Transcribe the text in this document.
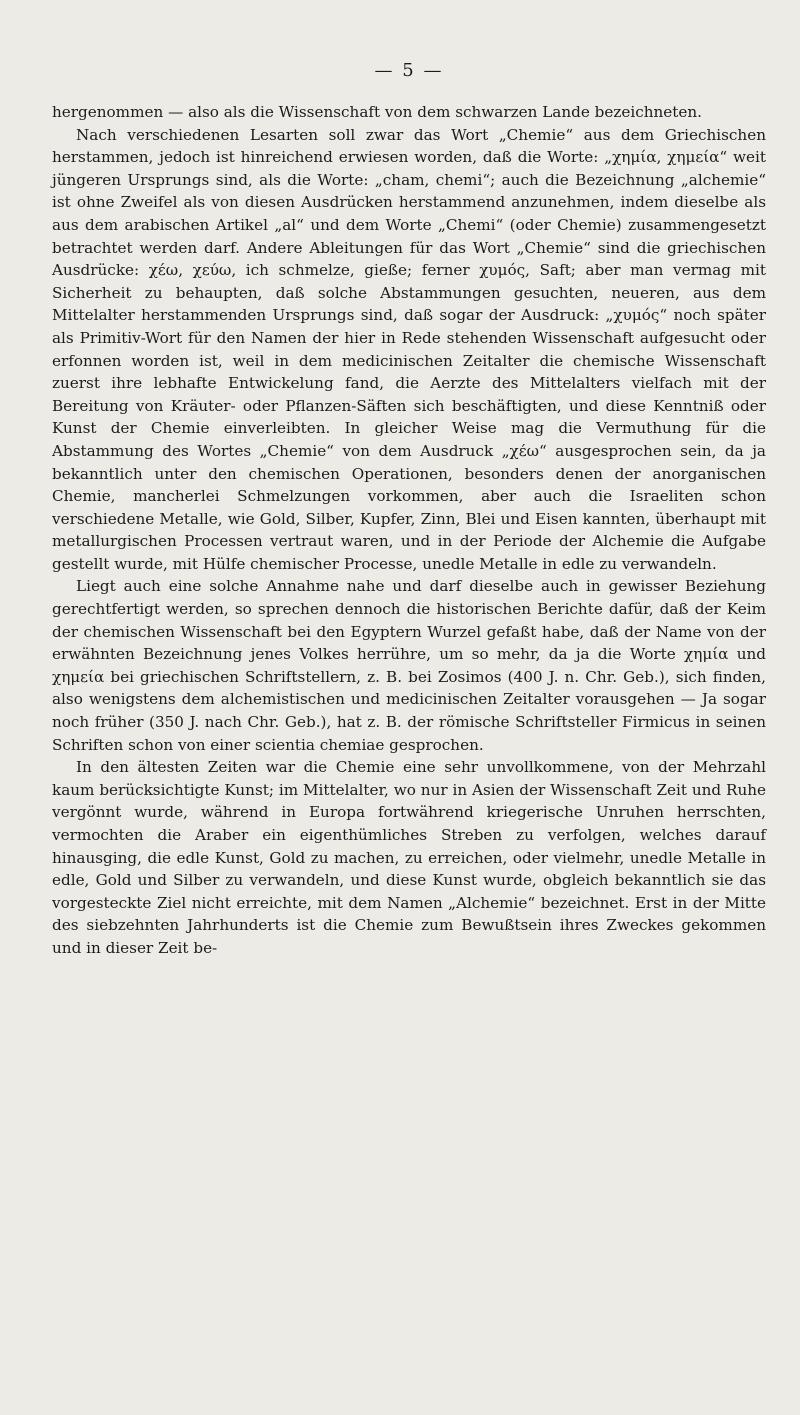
— 5 —

hergenommen — also als die Wissenschaft von dem schwarzen Lande bezeichneten.

Nach verschiedenen Lesarten soll zwar das Wort „Chemie“ aus dem Griechischen herstammen, jedoch ist hinreichend erwiesen worden, daß die Worte: „χημία, χημεία“ weit jüngeren Ursprungs sind, als die Worte: „cham, chemi“; auch die Bezeichnung „alchemie“ ist ohne Zweifel als von diesen Ausdrücken herstammend anzunehmen, indem dieselbe als aus dem arabischen Artikel „al“ und dem Worte „Chemi“ (oder Chemie) zusammengesetzt betrachtet werden darf. Andere Ableitungen für das Wort „Chemie“ sind die griechischen Ausdrücke: χέω, χεύω, ich schmelze, gieße; ferner χυμός, Saft; aber man vermag mit Sicherheit zu behaupten, daß solche Abstammungen gesuchten, neueren, aus dem Mittelalter herstammenden Ursprungs sind, daß sogar der Ausdruck: „χυμός“ noch später als Primitiv-Wort für den Namen der hier in Rede stehenden Wissenschaft aufgesucht oder erfonnen worden ist, weil in dem medicinischen Zeitalter die chemische Wissenschaft zuerst ihre lebhafte Entwickelung fand, die Aerzte des Mittelalters vielfach mit der Bereitung von Kräuter- oder Pflanzen-Säften sich beschäftigten, und diese Kenntniß oder Kunst der Chemie einverleibten. In gleicher Weise mag die Vermuthung für die Abstammung des Wortes „Chemie“ von dem Ausdruck „χέω“ ausgesprochen sein, da ja bekanntlich unter den chemischen Operationen, besonders denen der anorganischen Chemie, mancherlei Schmelzungen vorkommen, aber auch die Israeliten schon verschiedene Metalle, wie Gold, Silber, Kupfer, Zinn, Blei und Eisen kannten, überhaupt mit metallurgischen Processen vertraut waren, und in der Periode der Alchemie die Aufgabe gestellt wurde, mit Hülfe chemischer Processe, unedle Metalle in edle zu verwandeln.

Liegt auch eine solche Annahme nahe und darf dieselbe auch in gewisser Beziehung gerechtfertigt werden, so sprechen dennoch die historischen Berichte dafür, daß der Keim der chemischen Wissenschaft bei den Egyptern Wurzel gefaßt habe, daß der Name von der erwähnten Bezeichnung jenes Volkes herrühre, um so mehr, da ja die Worte χημία und χημεία bei griechischen Schriftstellern, z. B. bei Zosimos (400 J. n. Chr. Geb.), sich finden, also wenigstens dem alchemistischen und medicinischen Zeitalter vorausgehen — Ja sogar noch früher (350 J. nach Chr. Geb.), hat z. B. der römische Schriftsteller Firmicus in seinen Schriften schon von einer scientia chemiae gesprochen.

In den ältesten Zeiten war die Chemie eine sehr unvollkommene, von der Mehrzahl kaum berücksichtigte Kunst; im Mittelalter, wo nur in Asien der Wissenschaft Zeit und Ruhe vergönnt wurde, während in Europa fortwährend kriegerische Unruhen herrschten, vermochten die Araber ein eigenthümliches Streben zu verfolgen, welches darauf hinausging, die edle Kunst, Gold zu machen, zu erreichen, oder vielmehr, unedle Metalle in edle, Gold und Silber zu verwandeln, und diese Kunst wurde, obgleich bekanntlich sie das vorgesteckte Ziel nicht erreichte, mit dem Namen „Alchemie“ bezeichnet. Erst in der Mitte des siebzehnten Jahrhunderts ist die Chemie zum Bewußtsein ihres Zweckes gekommen und in dieser Zeit be-
